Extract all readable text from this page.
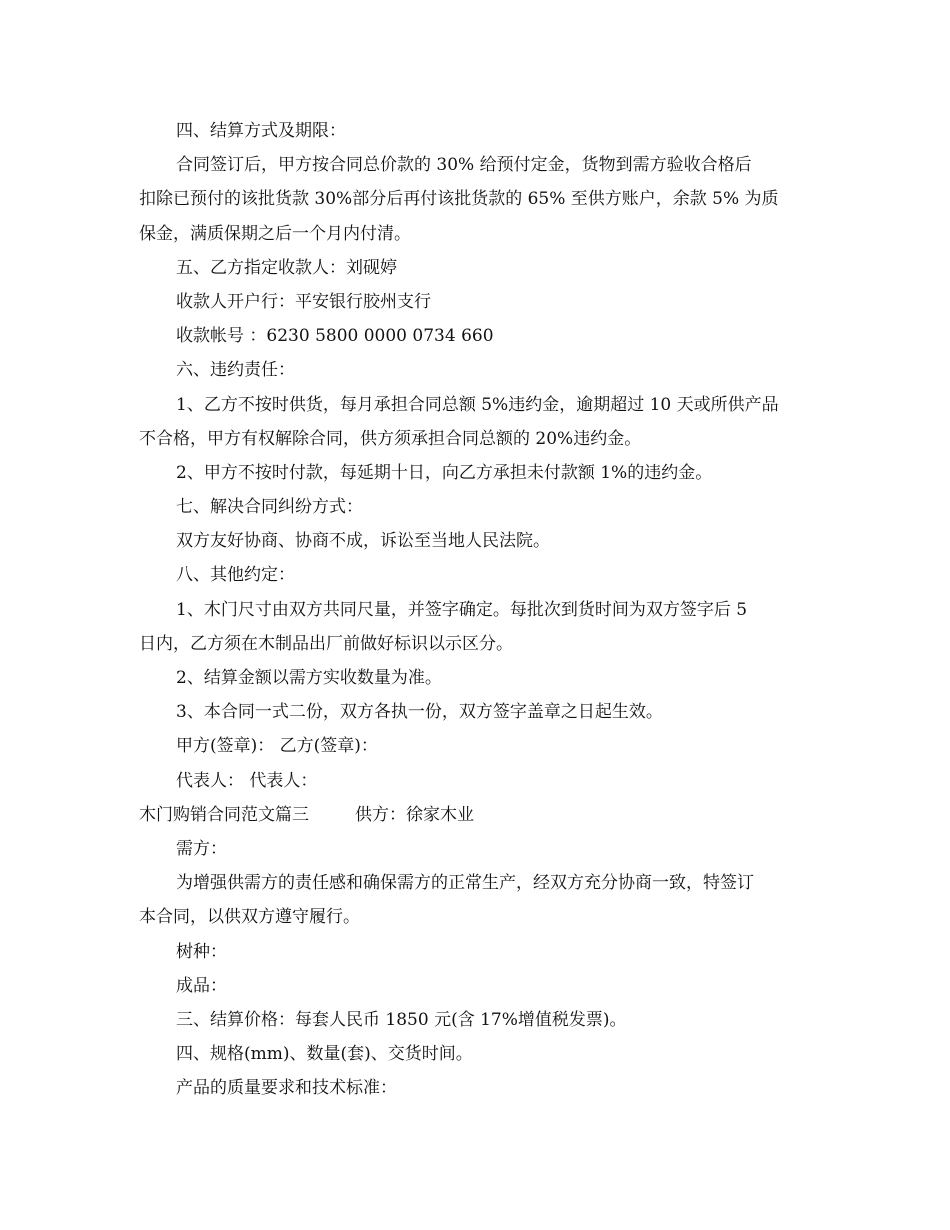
四、结算方式及期限：
合同签订后，甲方按合同总价款的 30% 给预付定金，货物到需方验收合格后
扣除已预付的该批货款 30%部分后再付该批货款的 65% 至供方账户，余款 5% 为质
保金，满质保期之后一个月内付清。
五、乙方指定收款人：刘砚婷
收款人开户行：平安银行胶州支行
收款帐号 ：6230 5800 0000 0734 660
六、违约责任：
1、乙方不按时供货，每月承担合同总额 5%违约金，逾期超过 10 天或所供产品
不合格，甲方有权解除合同，供方须承担合同总额的 20%违约金。
2、甲方不按时付款，每延期十日，向乙方承担未付款额 1%的违约金。
七、解决合同纠纷方式：
双方友好协商、协商不成，诉讼至当地人民法院。
八、其他约定：
1、木门尺寸由双方共同尺量，并签字确定。每批次到货时间为双方签字后 5
日内，乙方须在木制品出厂前做好标识以示区分。
2、结算金额以需方实收数量为准。
3、本合同一式二份，双方各执一份，双方签字盖章之日起生效。
甲方(签章)： 乙方(签章)：
代表人： 代表人：
木门购销合同范文篇三	供方：徐家木业
需方：
为增强供需方的责任感和确保需方的正常生产，经双方充分协商一致，特签订
本合同，以供双方遵守履行。
树种：
成品：
三、结算价格：每套人民币 1850 元(含 17%增值税发票)。
四、规格(mm)、数量(套)、交货时间。
产品的质量要求和技术标准：
